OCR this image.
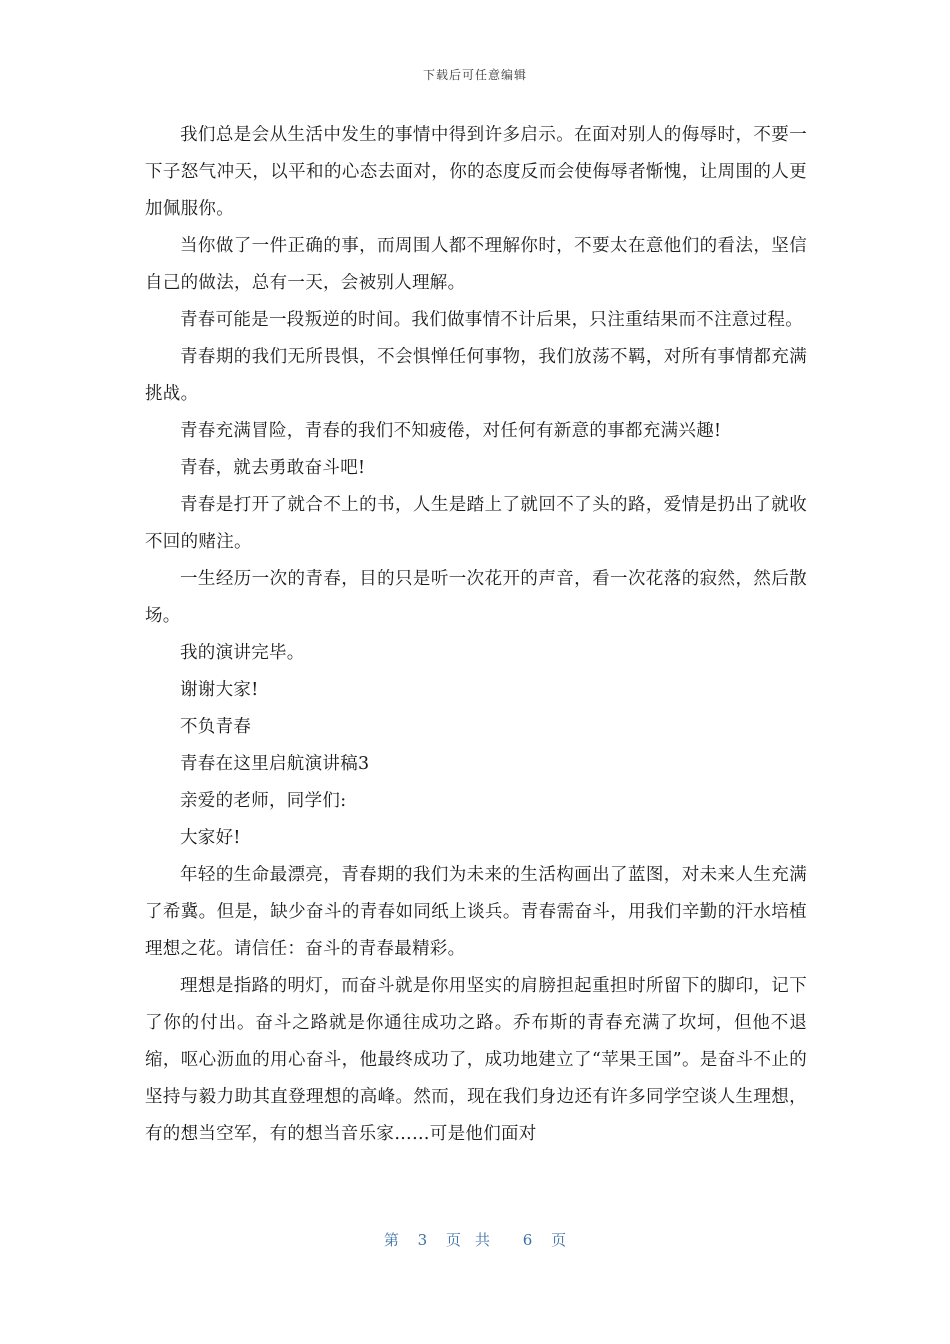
下载后可任意编辑

我们总是会从生活中发生的事情中得到许多启示。在面对别人的侮辱时，不要一下子怒气冲天，以平和的心态去面对，你的态度反而会使侮辱者惭愧，让周围的人更加佩服你。

当你做了一件正确的事，而周围人都不理解你时，不要太在意他们的看法，坚信自己的做法，总有一天，会被别人理解。

青春可能是一段叛逆的时间。我们做事情不计后果，只注重结果而不注意过程。

青春期的我们无所畏惧，不会惧惮任何事物，我们放荡不羁，对所有事情都充满挑战。

青春充满冒险，青春的我们不知疲倦，对任何有新意的事都充满兴趣!

青春，就去勇敢奋斗吧!

青春是打开了就合不上的书，人生是踏上了就回不了头的路，爱情是扔出了就收不回的赌注。

一生经历一次的青春，目的只是听一次花开的声音，看一次花落的寂然，然后散场。

我的演讲完毕。

谢谢大家!

不负青春

青春在这里启航演讲稿3

亲爱的老师，同学们:

大家好!

年轻的生命最漂亮，青春期的我们为未来的生活构画出了蓝图，对未来人生充满了希冀。但是，缺少奋斗的青春如同纸上谈兵。青春需奋斗，用我们辛勤的汗水培植理想之花。请信任：奋斗的青春最精彩。

理想是指路的明灯，而奋斗就是你用坚实的肩膀担起重担时所留下的脚印，记下了你的付出。奋斗之路就是你通往成功之路。乔布斯的青春充满了坎坷，但他不退缩，呕心沥血的用心奋斗，他最终成功了，成功地建立了“苹果王国”。是奋斗不止的坚持与毅力助其直登理想的高峰。然而，现在我们身边还有许多同学空谈人生理想，有的想当空军，有的想当音乐家……可是他们面对

第 3 页共 6 页
